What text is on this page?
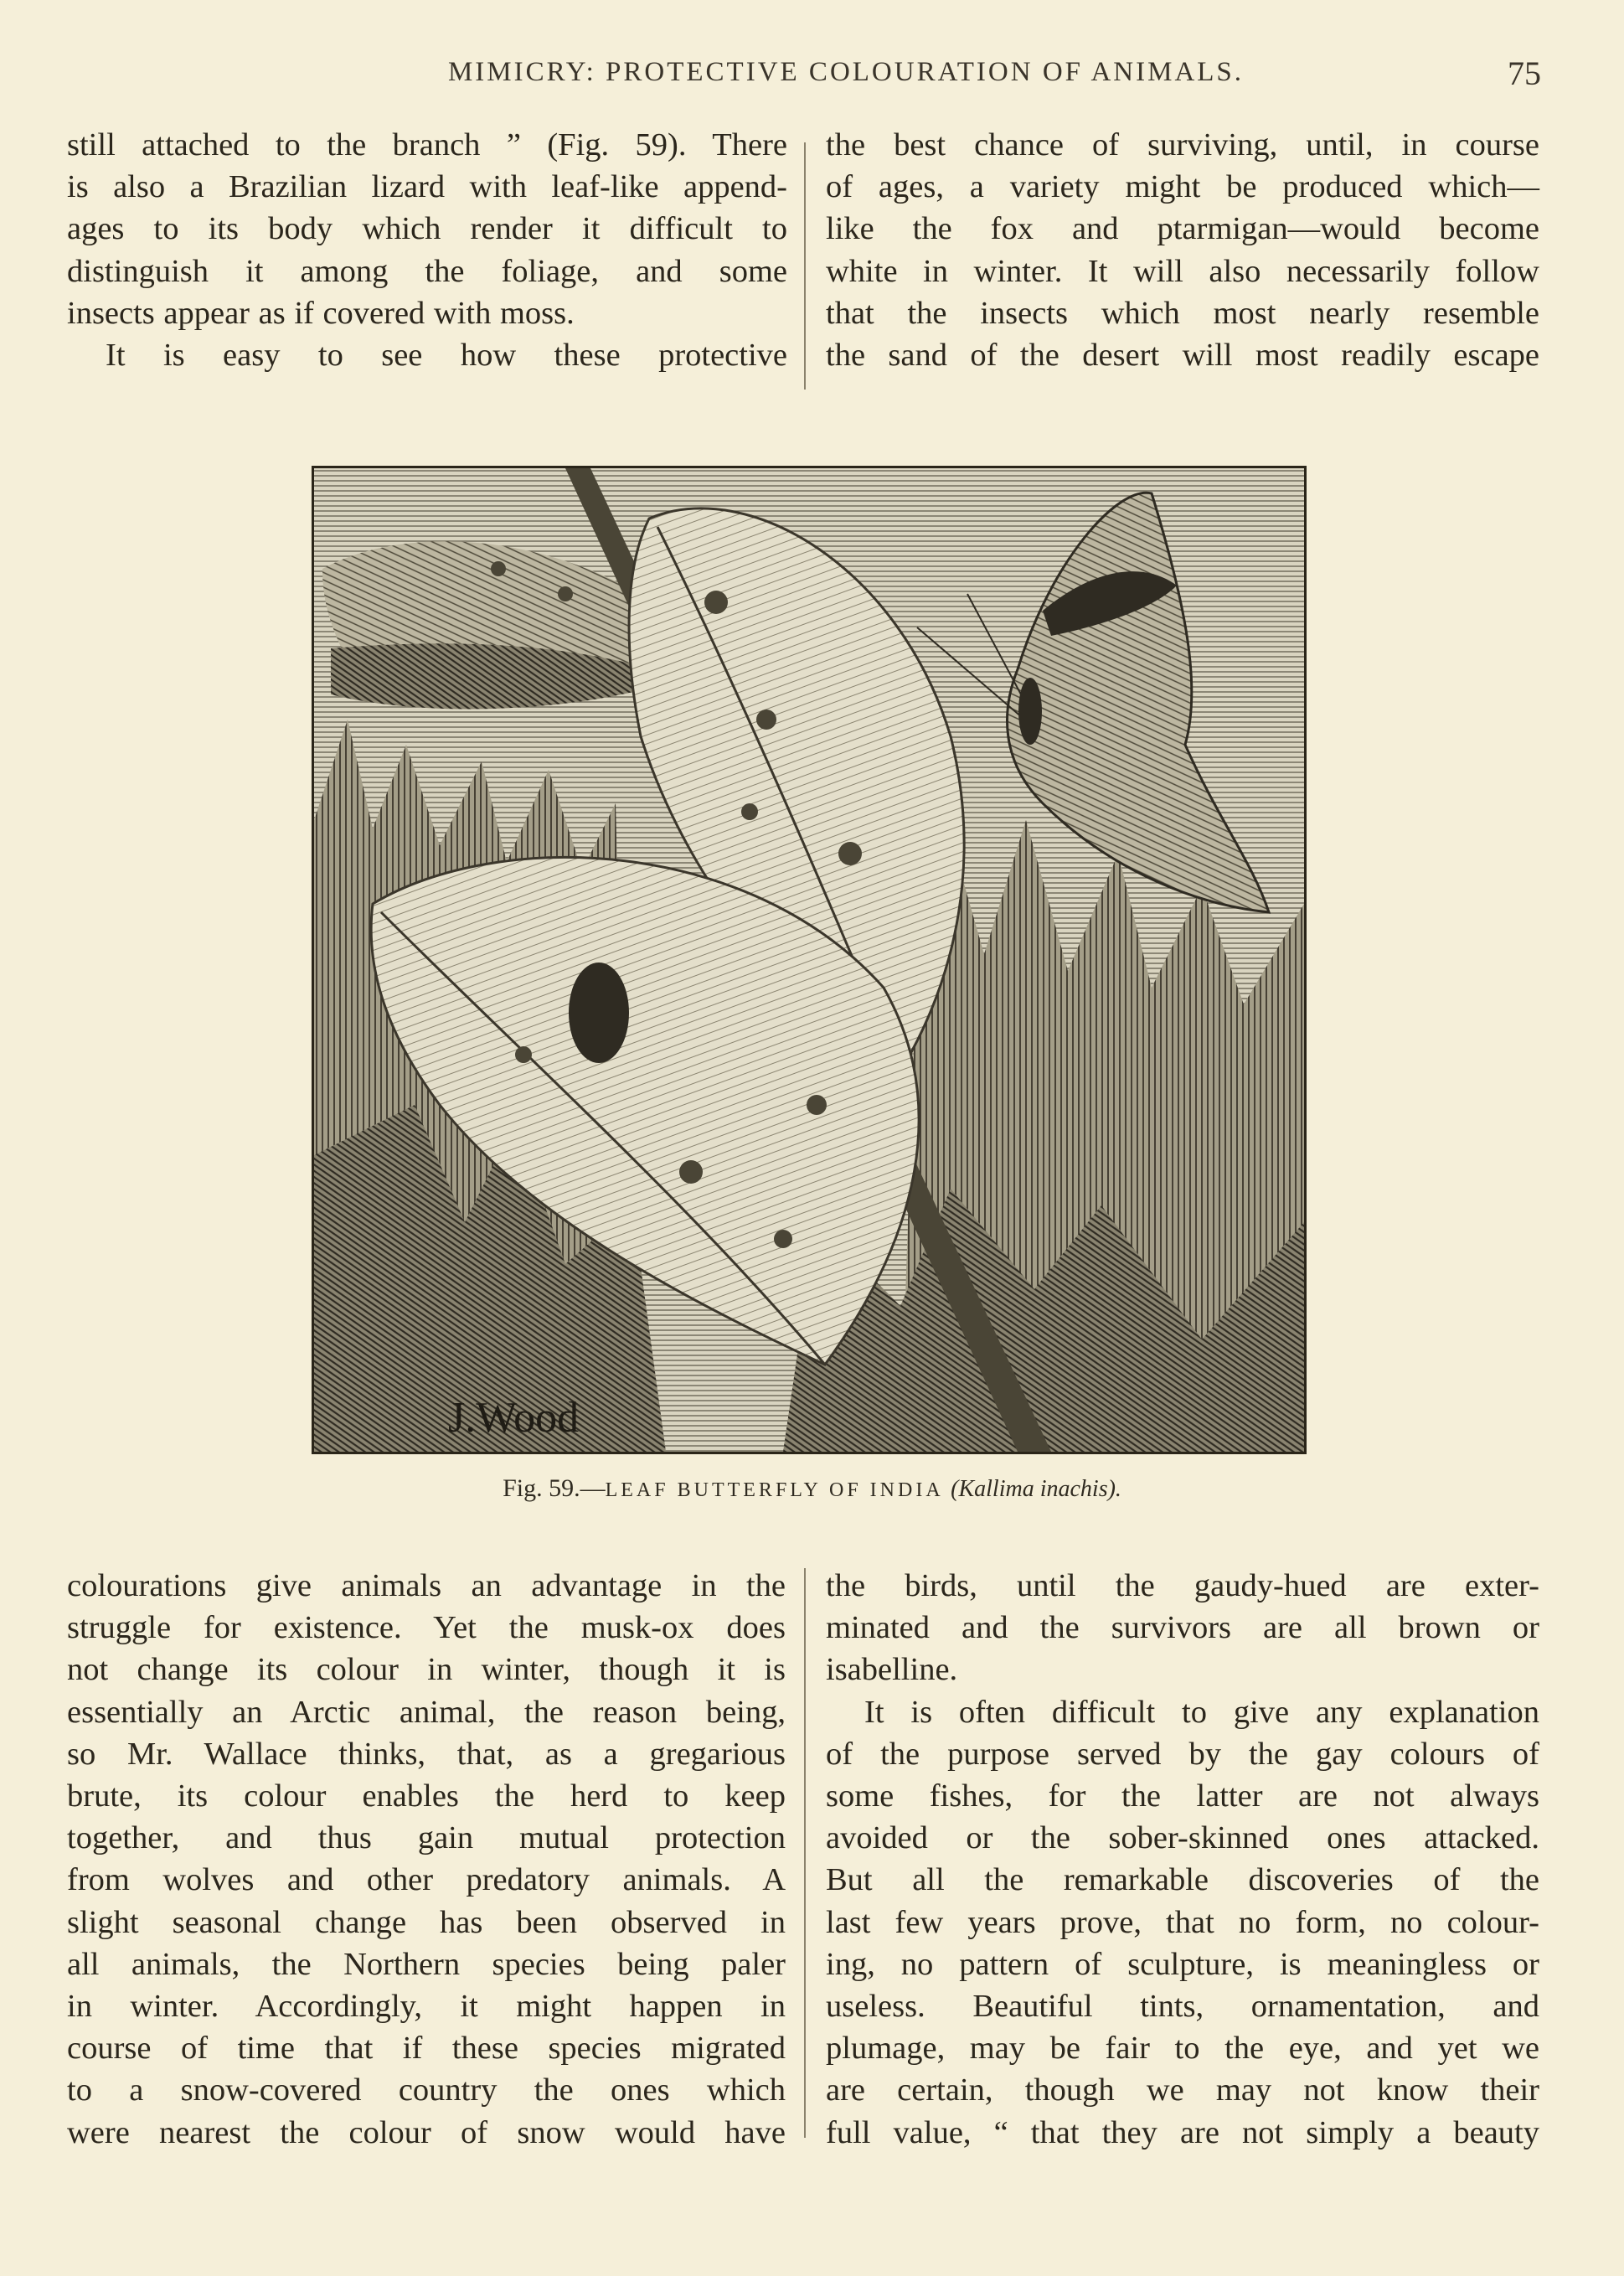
MIMICRY: PROTECTIVE COLOURATION OF ANIMALS.	75
still attached to the branch ” (Fig. 59). There
is also a Brazilian lizard with leaf-like append-
ages to its body which render it difficult to
distinguish it among the foliage, and some
insects appear as if covered with moss.
It is easy to see how these protective
the best chance of surviving, until, in course
of ages, a variety might be produced which—
like the fox and ptarmigan—would become
white in winter. It will also necessarily follow
that the insects which most nearly resemble
the sand of the desert will most readily escape
J.Wood
Fig. 59.—LEAF BUTTERFLY OF INDIA (Kallima inachis).
colourations give animals an advantage in the
struggle for existence. Yet the musk-ox does
not change its colour in winter, though it is
essentially an Arctic animal, the reason being,
so Mr. Wallace thinks, that, as a gregarious
brute, its colour enables the herd to keep
together, and thus gain mutual protection
from wolves and other predatory animals. A
slight seasonal change has been observed in
all animals, the Northern species being paler
in winter. Accordingly, it might happen in
course of time that if these species migrated
to a snow-covered country the ones which
were nearest the colour of snow would have
the birds, until the gaudy-hued are exter-
minated and the survivors are all brown or
isabelline.
It is often difficult to give any explanation
of the purpose served by the gay colours of
some fishes, for the latter are not always
avoided or the sober-skinned ones attacked.
But all the remarkable discoveries of the
last few years prove, that no form, no colour-
ing, no pattern of sculpture, is meaningless or
useless. Beautiful tints, ornamentation, and
plumage, may be fair to the eye, and yet we
are certain, though we may not know their
full value, “ that they are not simply a beauty
